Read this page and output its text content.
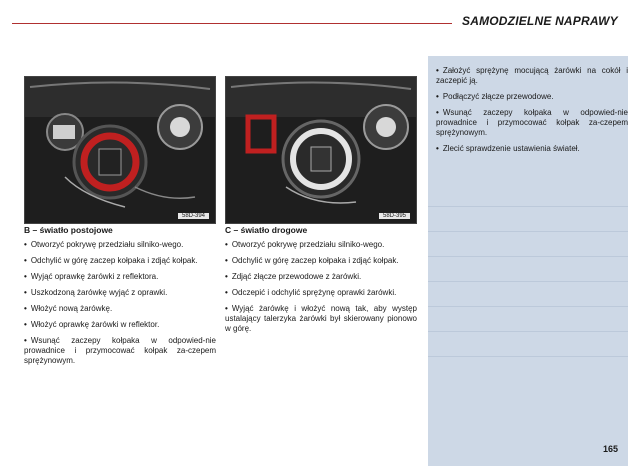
SAMODZIELNE NAPRAWY
58D-394	58D-395
B – światło postojowe
• Otworzyć pokrywę przedziału silniko-wego.
• Odchylić w górę zaczep kołpaka i zdjąć kołpak.
• Wyjąć oprawkę żarówki z reflektora.
• Uszkodzoną żarówkę wyjąć z oprawki.
• Włożyć nową żarówkę.
• Włożyć oprawkę żarówki w reflektor.
• Wsunąć zaczepy kołpaka w odpowied-nie prowadnice i przymocować kołpak za-czepem sprężynowym.
C – światło drogowe
• Otworzyć pokrywę przedziału silniko-wego.
• Odchylić w górę zaczep kołpaka i zdjąć kołpak.
• Zdjąć złącze przewodowe z żarówki.
• Odczepić i odchylić sprężynę oprawki żarówki.
• Wyjąć żarówkę i włożyć nową tak, aby występ ustalający talerzyka żarówki był skierowany pionowo w górę.
• Założyć sprężynę mocującą żarówki na cokół i zaczepić ją.
• Podłączyć złącze przewodowe.
• Wsunąć zaczepy kołpaka w odpowied-nie prowadnice i przymocować kołpak za-czepem sprężynowym.
• Zlecić sprawdzenie ustawienia świateł.
165
